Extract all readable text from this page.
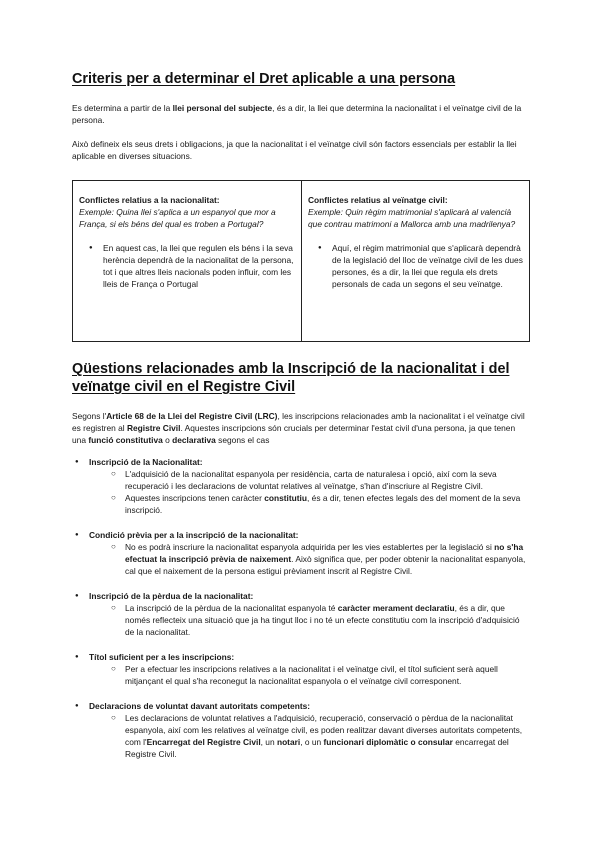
Criteris per a determinar el Dret aplicable a una persona

Es determina a partir de la llei personal del subjecte, és a dir, la llei que determina la nacionalitat i el veïnatge civil de la persona.

Això defineix els seus drets i obligacions, ja que la nacionalitat i el veïnatge civil són factors essencials per establir la llei aplicable en diverses situacions.

Conflictes relatius a la nacionalitat:
Exemple: Quina llei s'aplica a un espanyol que mor a França, si els béns del qual es troben a Portugal?
● En aquest cas, la llei que regulen els béns i la seva herència dependrà de la nacionalitat de la persona, tot i que altres lleis nacionals poden influir, com les lleis de França o Portugal
Conflictes relatius al veïnatge civil:
Exemple: Quin règim matrimonial s'aplicarà al valencià que contrau matrimoni a Mallorca amb una madrilenya?
● Aquí, el règim matrimonial que s'aplicarà dependrà de la legislació del lloc de veïnatge civil de les dues persones, és a dir, la llei que regula els drets personals de cada un segons el seu veïnatge.
Qüestions relacionades amb la Inscripció de la nacionalitat i del veïnatge civil en el Registre Civil

Segons l'Article 68 de la Llei del Registre Civil (LRC), les inscripcions relacionades amb la nacionalitat i el veïnatge civil es registren al Registre Civil. Aquestes inscripcions són crucials per determinar l'estat civil d'una persona, ja que tenen una funció constitutiva o declarativa segons el cas

● Inscripció de la Nacionalitat:
○ L'adquisició de la nacionalitat espanyola per residència, carta de naturalesa i opció, així com la seva recuperació i les declaracions de voluntat relatives al veïnatge, s'han d'inscriure al Registre Civil.
○ Aquestes inscripcions tenen caràcter constitutiu, és a dir, tenen efectes legals des del moment de la seva inscripció.
● Condició prèvia per a la inscripció de la nacionalitat:
○ No es podrà inscriure la nacionalitat espanyola adquirida per les vies establertes per la legislació si no s'ha efectuat la inscripció prèvia de naixement. Això significa que, per poder obtenir la nacionalitat espanyola, cal que el naixement de la persona estigui prèviament inscrit al Registre Civil.
● Inscripció de la pèrdua de la nacionalitat:
○ La inscripció de la pèrdua de la nacionalitat espanyola té caràcter merament declaratiu, és a dir, que només reflecteix una situació que ja ha tingut lloc i no té un efecte constitutiu com la inscripció d'adquisició de la nacionalitat.
● Títol suficient per a les inscripcions:
○ Per a efectuar les inscripcions relatives a la nacionalitat i el veïnatge civil, el títol suficient serà aquell mitjançant el qual s'ha reconegut la nacionalitat espanyola o el veïnatge civil corresponent.
● Declaracions de voluntat davant autoritats competents:
○ Les declaracions de voluntat relatives a l'adquisició, recuperació, conservació o pèrdua de la nacionalitat espanyola, així com les relatives al veïnatge civil, es poden realitzar davant diverses autoritats competents, com l'Encarregat del Registre Civil, un notari, o un funcionari diplomàtic o consular encarregat del Registre Civil.
